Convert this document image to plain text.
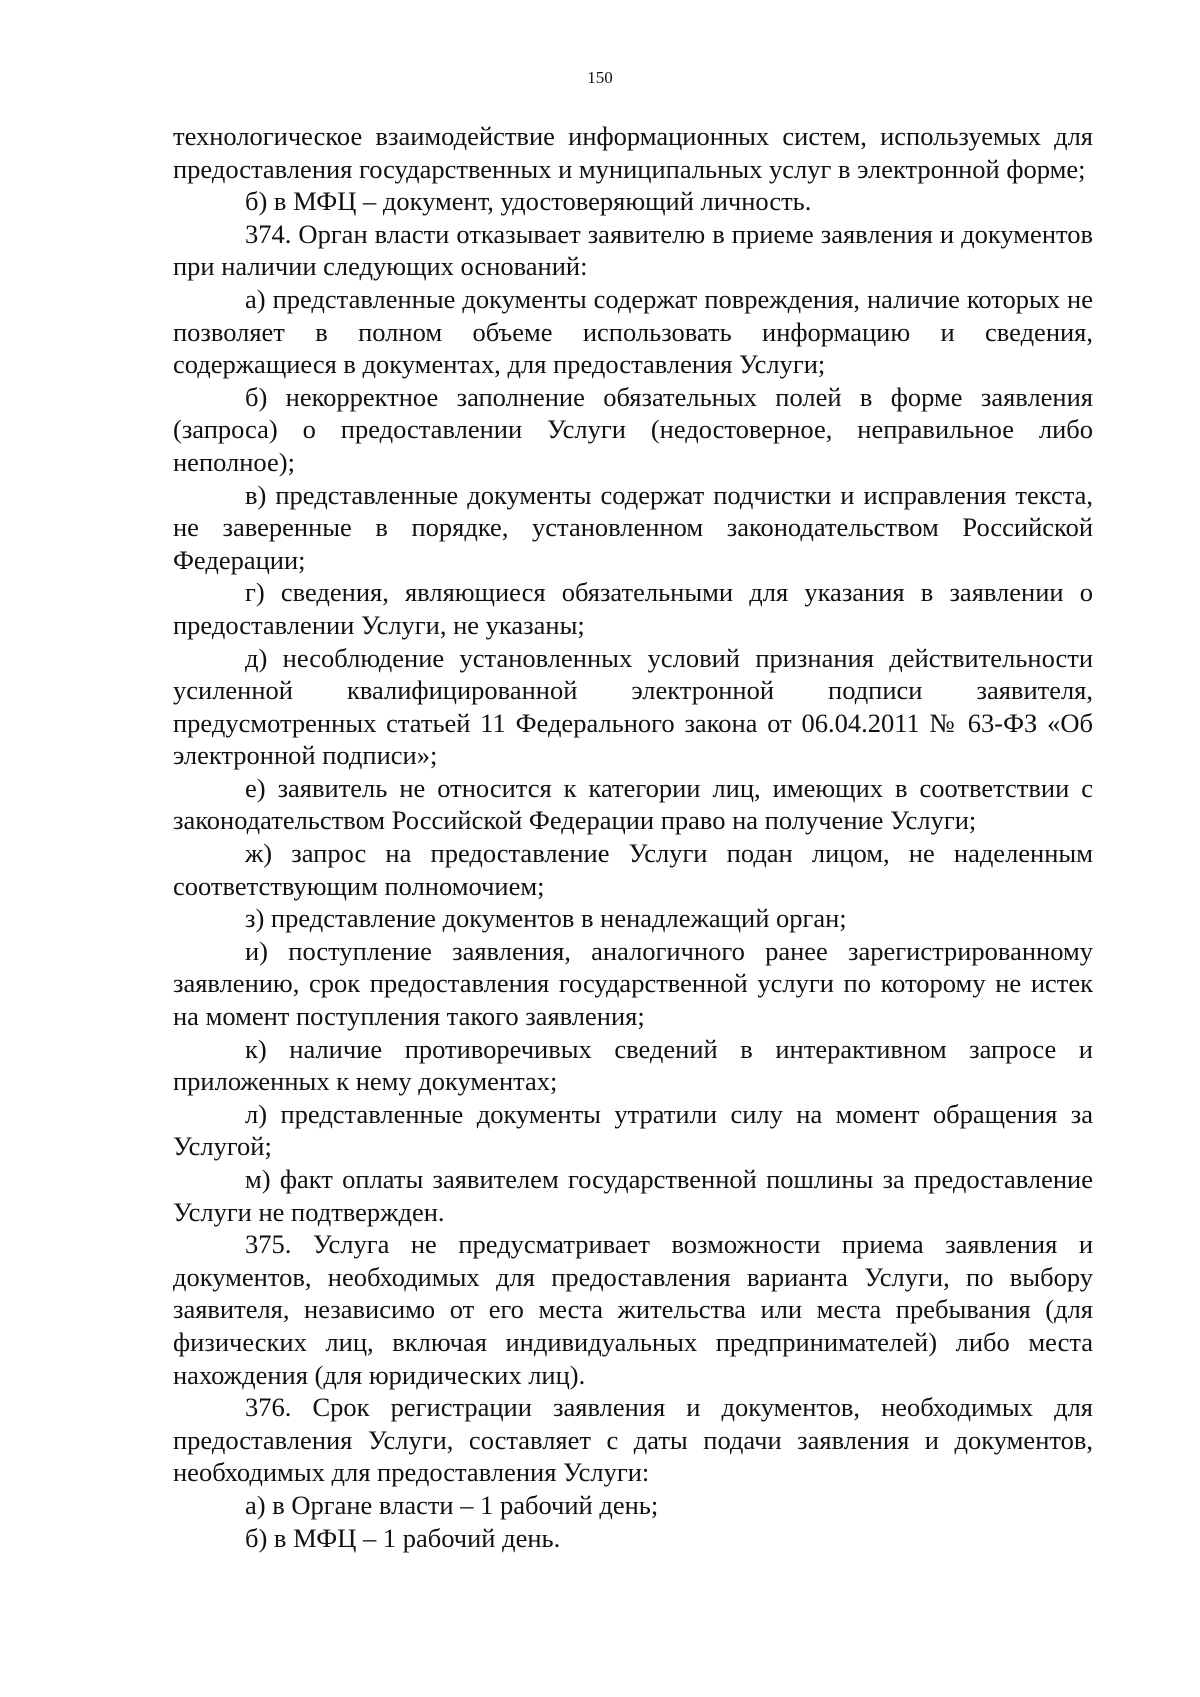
150

технологическое взаимодействие информационных систем, используемых для предоставления государственных и муниципальных услуг в электронной форме;

б) в МФЦ – документ, удостоверяющий личность.

374. Орган власти отказывает заявителю в приеме заявления и документов при наличии следующих оснований:

а) представленные документы содержат повреждения, наличие которых не позволяет в полном объеме использовать информацию и сведения, содержащиеся в документах, для предоставления Услуги;

б) некорректное заполнение обязательных полей в форме заявления (запроса) о предоставлении Услуги (недостоверное, неправильное либо неполное);

в) представленные документы содержат подчистки и исправления текста, не заверенные в порядке, установленном законодательством Российской Федерации;

г) сведения, являющиеся обязательными для указания в заявлении о предоставлении Услуги, не указаны;

д) несоблюдение установленных условий признания действительности усиленной квалифицированной электронной подписи заявителя, предусмотренных статьей 11 Федерального закона от 06.04.2011 № 63-ФЗ «Об электронной подписи»;

е) заявитель не относится к категории лиц, имеющих в соответствии с законодательством Российской Федерации право на получение Услуги;

ж) запрос на предоставление Услуги подан лицом, не наделенным соответствующим полномочием;

з) представление документов в ненадлежащий орган;

и) поступление заявления, аналогичного ранее зарегистрированному заявлению, срок предоставления государственной услуги по которому не истек на момент поступления такого заявления;

к) наличие противоречивых сведений в интерактивном запросе и приложенных к нему документах;

л) представленные документы утратили силу на момент обращения за Услугой;

м) факт оплаты заявителем государственной пошлины за предоставление Услуги не подтвержден.

375. Услуга не предусматривает возможности приема заявления и документов, необходимых для предоставления варианта Услуги, по выбору заявителя, независимо от его места жительства или места пребывания (для физических лиц, включая индивидуальных предпринимателей) либо места нахождения (для юридических лиц).

376. Срок регистрации заявления и документов, необходимых для предоставления Услуги, составляет с даты подачи заявления и документов, необходимых для предоставления Услуги:

а) в Органе власти – 1 рабочий день;

б) в МФЦ – 1 рабочий день.
